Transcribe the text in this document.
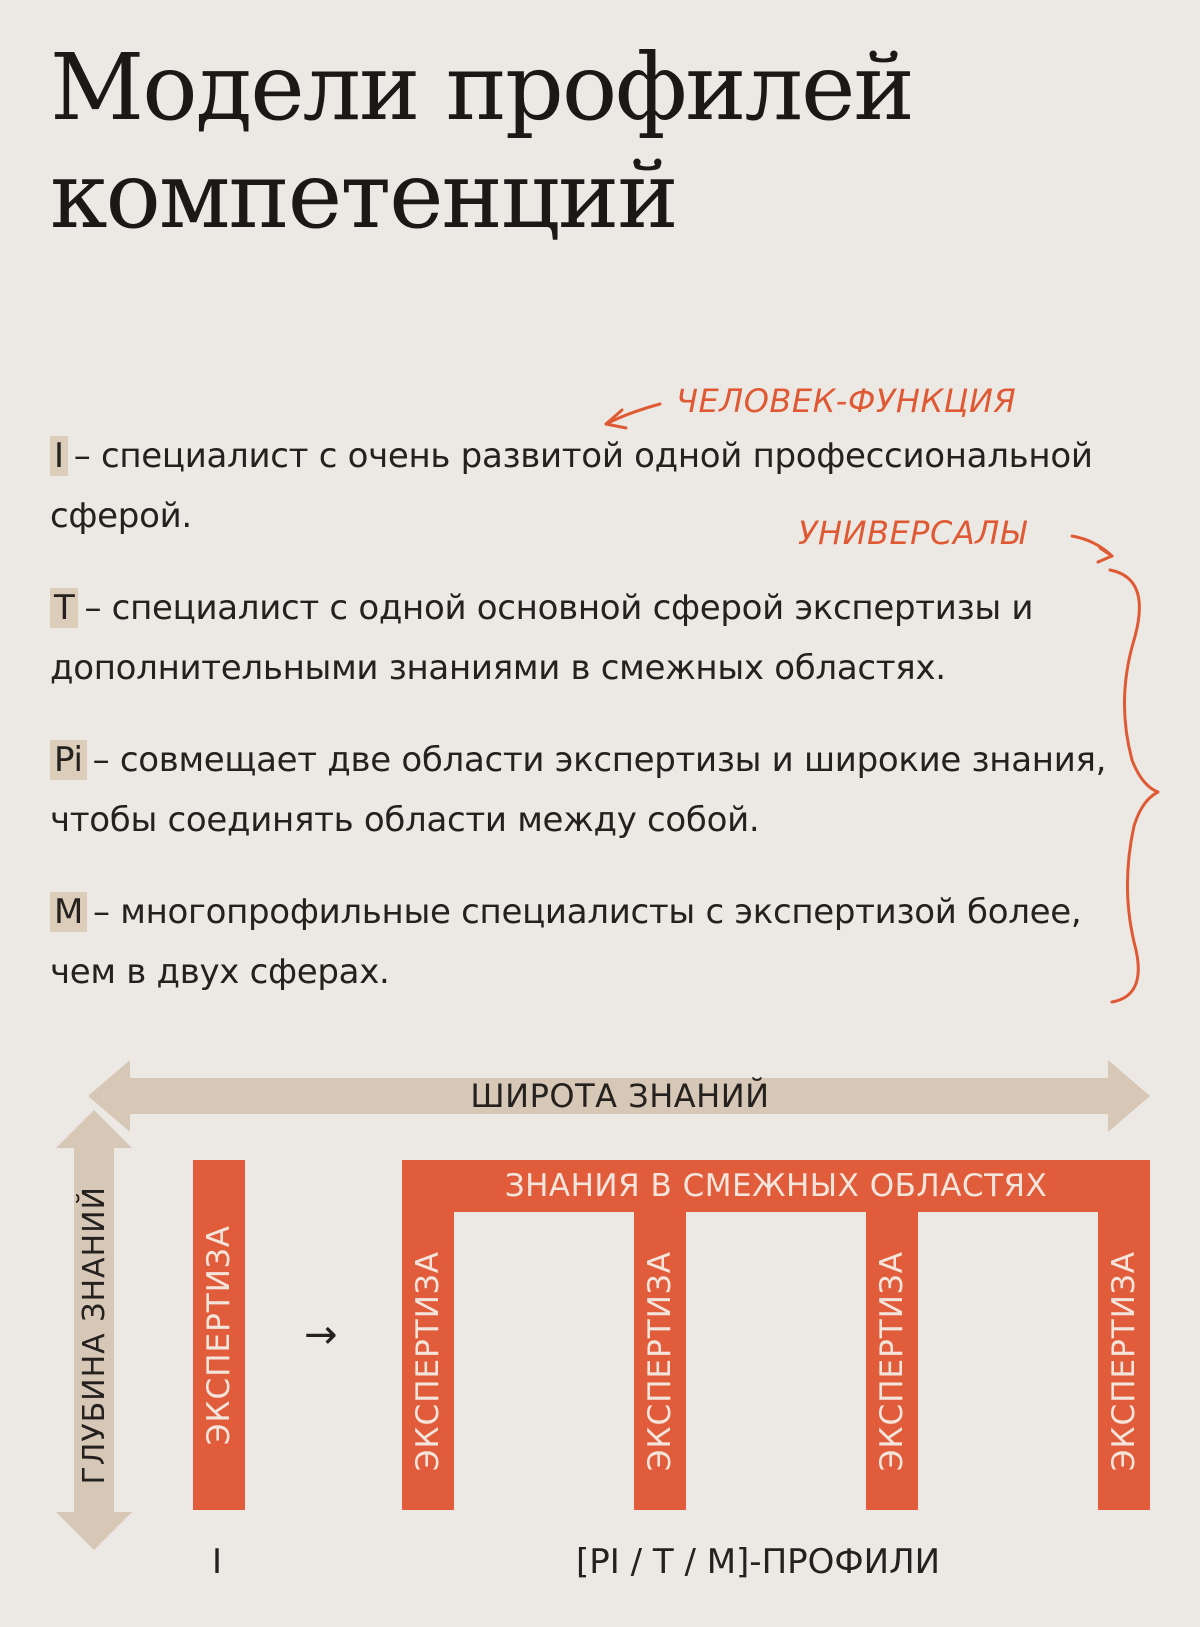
Модели профилей
компетенций
ЧЕЛОВЕК-ФУНКЦИЯ
УНИВЕРСАЛЫ

I – специалист с очень развитой одной профессиональной сферой.

T – специалист с одной основной сферой экспертизы и дополнительными знаниями в смежных областях.

Pi – совмещает две области экспертизы и широкие знания, чтобы соединять области между собой.

M – многопрофильные специалисты с экспертизой более, чем в двух сферах.

ШИРОТА ЗНАНИЙ
ГЛУБИНА ЗНАНИЙ	ЭКСПЕРТИЗА →
ЗНАНИЯ В СМЕЖНЫХ ОБЛАСТЯХ
ЭКСПЕРТИЗА	ЭКСПЕРТИЗА	ЭКСПЕРТИЗА	ЭКСПЕРТИЗА
I	[PI / T / M]-ПРОФИЛИ
